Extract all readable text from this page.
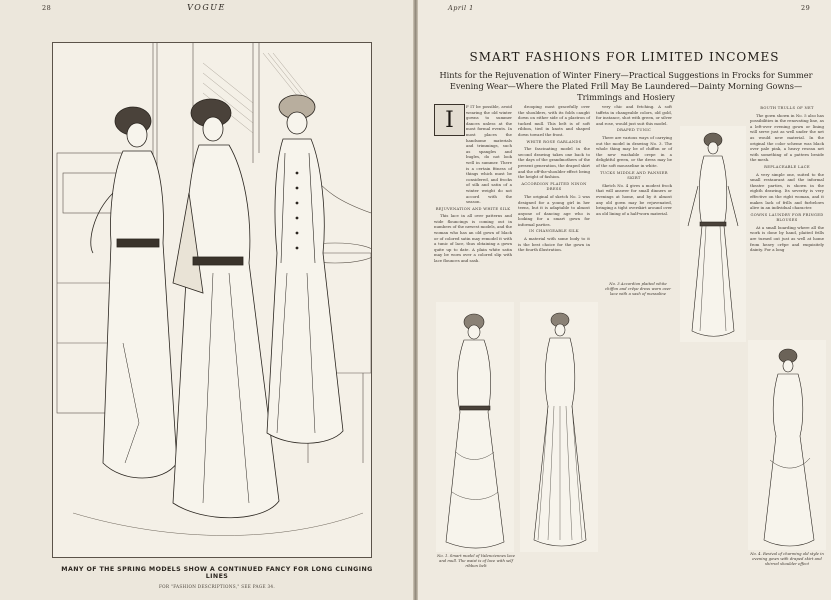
28	VOGUE
MANY OF THE SPRING MODELS SHOW A CONTINUED FANCY FOR LONG CLINGING LINES
FOR "FASHION DESCRIPTIONS," SEE PAGE 34.
April 1	29
SMART FASHIONS FOR LIMITED INCOMES
Hints for the Rejuvenation of Winter Finery—Practical Suggestions in Frocks for Summer Evening Wear—Where the Plated Frill May Be Laundered—Dainty Morning Gowns—Trimmings and Hosiery
I

F IT be possible, avoid wearing the old winter gowns to summer dances unless at the most formal events. In most places the handsome materials and trimmings, such as spangles and bugles, do not look well in summer. There is a certain fitness of things which must be considered, and frocks of silk and satin of a winter weight do not accord with the season.

REJUVENATION AND WHITE SILK

This lace in all over patterns and wide flouncings is coming out in numbers of the newest models, and the woman who has an old gown of black or of colored satin may remodel it with a tunic of lace, thus obtaining a gown quite up to date. A plain white satin may be worn over a colored slip with lace flounces and sash.

drooping most gracefully over the shoulders, with its folds caught down on either side of a plastron of tucked mull. This belt is of soft ribbon, tied in knots and shaped down toward the front.

WHITE ROSE GARLANDS

The fascinating model in the second drawing takes one back to the days of the grandmothers of the present generation, the draped skirt and the off-the-shoulder effect being the height of fashion.

ACCORDION PLAITED NINON DRESS

The original of sketch No. 2 was designed for a young girl in her teens, but it is adaptable to almost anyone of dancing age who is looking for a smart gown for informal parties.

IN CHANGEABLE SILK

A material with some body to it is the best choice for the gown in the fourth illustration.

very chic and fetching. A soft taffeta in changeable colors, old gold, for instance, shot with green, or silver and rose, would just suit this model.

DRAPED TUNIC

There are various ways of carrying out the model in drawing No. 3. The whole thing may be of chiffon or of the new washable crepe in a delightful green, or the dress may be of the soft mousseline in white.

TUCKS MIDDLE AND PANNIER SKIRT

Sketch No. 4 gives a modest frock that will answer for small dinners or evenings at home, and by it almost any old gown may be rejuvenated, bringing a tight overskirt around over an old lining of a half-worn material.

BOUTH TRULLS OF NET

The gown shown in No. 5 also has possibilities in the renovating line, as a left-over evening gown or lining will serve just as well under the net as would new material. In the original the color scheme was black over pale pink, a heavy reseau net with something of a pattern beside the mesh.

REPLACEABLE LACE

A very simple one, suited to the small restaurant and the informal theatre parties, is shown in the eighth drawing. Its severity is very effective on the right woman, and it makes lack of frills and furbelows alive in an individual character.

GOWNS LAUNDRY FOR FRINGED BLOUSES

At a small boarding where all the work is done by hand, plaited frills are turned out just as well at home from heavy crêpe and exquisitely dainty. For a long

No. 1. Smart model of Valenciennes lace and mull. The waist is of lace with self ribbon belt
No. 3 Accordion plaited white chiffon and crêpe dress worn over lace with a sash of messaline
No. 4. Revival of charming old style in evening gown with draped skirt and shirred shoulder effect
